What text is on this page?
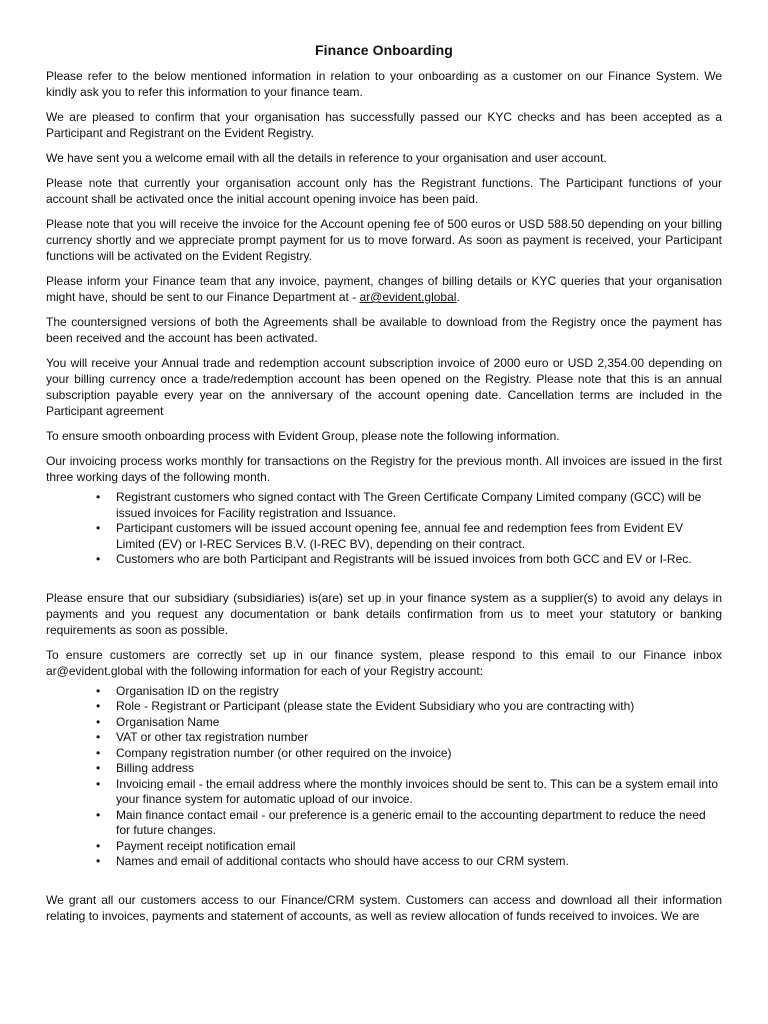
Finance Onboarding

Please refer to the below mentioned information in relation to your onboarding as a customer on our Finance System. We kindly ask you to refer this information to your finance team.

We are pleased to confirm that your organisation has successfully passed our KYC checks and has been accepted as a Participant and Registrant on the Evident Registry.

We have sent you a welcome email with all the details in reference to your organisation and user account.

Please note that currently your organisation account only has the Registrant functions. The Participant functions of your account shall be activated once the initial account opening invoice has been paid.

Please note that you will receive the invoice for the Account opening fee of 500 euros or USD 588.50 depending on your billing currency shortly and we appreciate prompt payment for us to move forward. As soon as payment is received, your Participant functions will be activated on the Evident Registry.

Please inform your Finance team that any invoice, payment, changes of billing details or KYC queries that your organisation might have, should be sent to our Finance Department at - ar@evident.global.

The countersigned versions of both the Agreements shall be available to download from the Registry once the payment has been received and the account has been activated.

You will receive your Annual trade and redemption account subscription invoice of 2000 euro or USD 2,354.00 depending on your billing currency once a trade/redemption account has been opened on the Registry. Please note that this is an annual subscription payable every year on the anniversary of the account opening date. Cancellation terms are included in the Participant agreement

To ensure smooth onboarding process with Evident Group, please note the following information.

Our invoicing process works monthly for transactions on the Registry for the previous month. All invoices are issued in the first three working days of the following month.

• Registrant customers who signed contact with The Green Certificate Company Limited company (GCC) will be issued invoices for Facility registration and Issuance.
• Participant customers will be issued account opening fee, annual fee and redemption fees from Evident EV Limited (EV) or I-REC Services B.V. (I-REC BV), depending on their contract.
• Customers who are both Participant and Registrants will be issued invoices from both GCC and EV or I-Rec.

Please ensure that our subsidiary (subsidiaries) is(are) set up in your finance system as a supplier(s) to avoid any delays in payments and you request any documentation or bank details confirmation from us to meet your statutory or banking requirements as soon as possible.

To ensure customers are correctly set up in our finance system, please respond to this email to our Finance inbox ar@evident.global with the following information for each of your Registry account:

• Organisation ID on the registry
• Role - Registrant or Participant (please state the Evident Subsidiary who you are contracting with)
• Organisation Name
• VAT or other tax registration number
• Company registration number (or other required on the invoice)
• Billing address
• Invoicing email - the email address where the monthly invoices should be sent to. This can be a system email into your finance system for automatic upload of our invoice.
• Main finance contact email - our preference is a generic email to the accounting department to reduce the need for future changes.
• Payment receipt notification email
• Names and email of additional contacts who should have access to our CRM system.

We grant all our customers access to our Finance/CRM system. Customers can access and download all their information relating to invoices, payments and statement of accounts, as well as review allocation of funds received to invoices. We are
